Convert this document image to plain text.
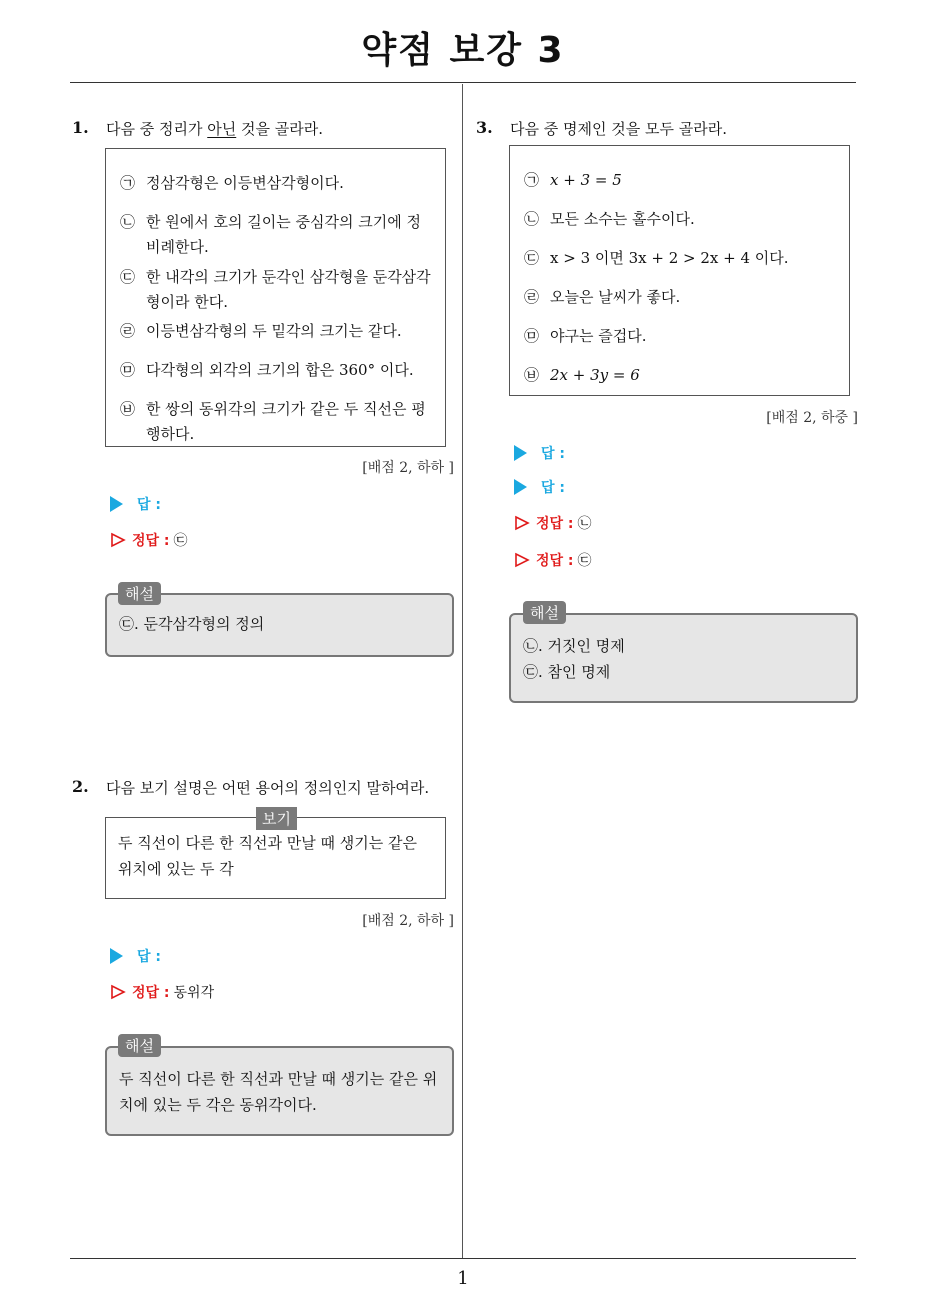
약점 보강 3
1
1. 다음 중 정리가 아닌 것을 골라라.
㉠ 정삼각형은 이등변삼각형이다.
㉡ 한 원에서 호의 길이는 중심각의 크기에 정비례한다.
㉢ 한 내각의 크기가 둔각인 삼각형을 둔각삼각형이라 한다.
㉣ 이등변삼각형의 두 밑각의 크기는 같다.
㉤ 다각형의 외각의 크기의 합은 360° 이다.
㉥ 한 쌍의 동위각의 크기가 같은 두 직선은 평행하다.
[배점 2, 하하 ]
답 :
정답 : ㉢
㉢. 둔각삼각형의 정의
해설
2. 다음 보기 설명은 어떤 용어의 정의인지 말하여라.
두 직선이 다른 한 직선과 만날 때 생기는 같은 위치에 있는 두 각
보기
[배점 2, 하하 ]
답 :
정답 : 동위각
두 직선이 다른 한 직선과 만날 때 생기는 같은 위치에 있는 두 각은 동위각이다.
해설
3. 다음 중 명제인 것을 모두 골라라.
㉠ x + 3 = 5
㉡ 모든 소수는 홀수이다.
㉢ x > 3 이면 3x + 2 > 2x + 4 이다.
㉣ 오늘은 날씨가 좋다.
㉤ 야구는 즐겁다.
㉥ 2x + 3y = 6
[배점 2, 하중 ]
답 :
답 :
정답 : ㉡
정답 : ㉢
㉡. 거짓인 명제
㉢. 참인 명제
해설
